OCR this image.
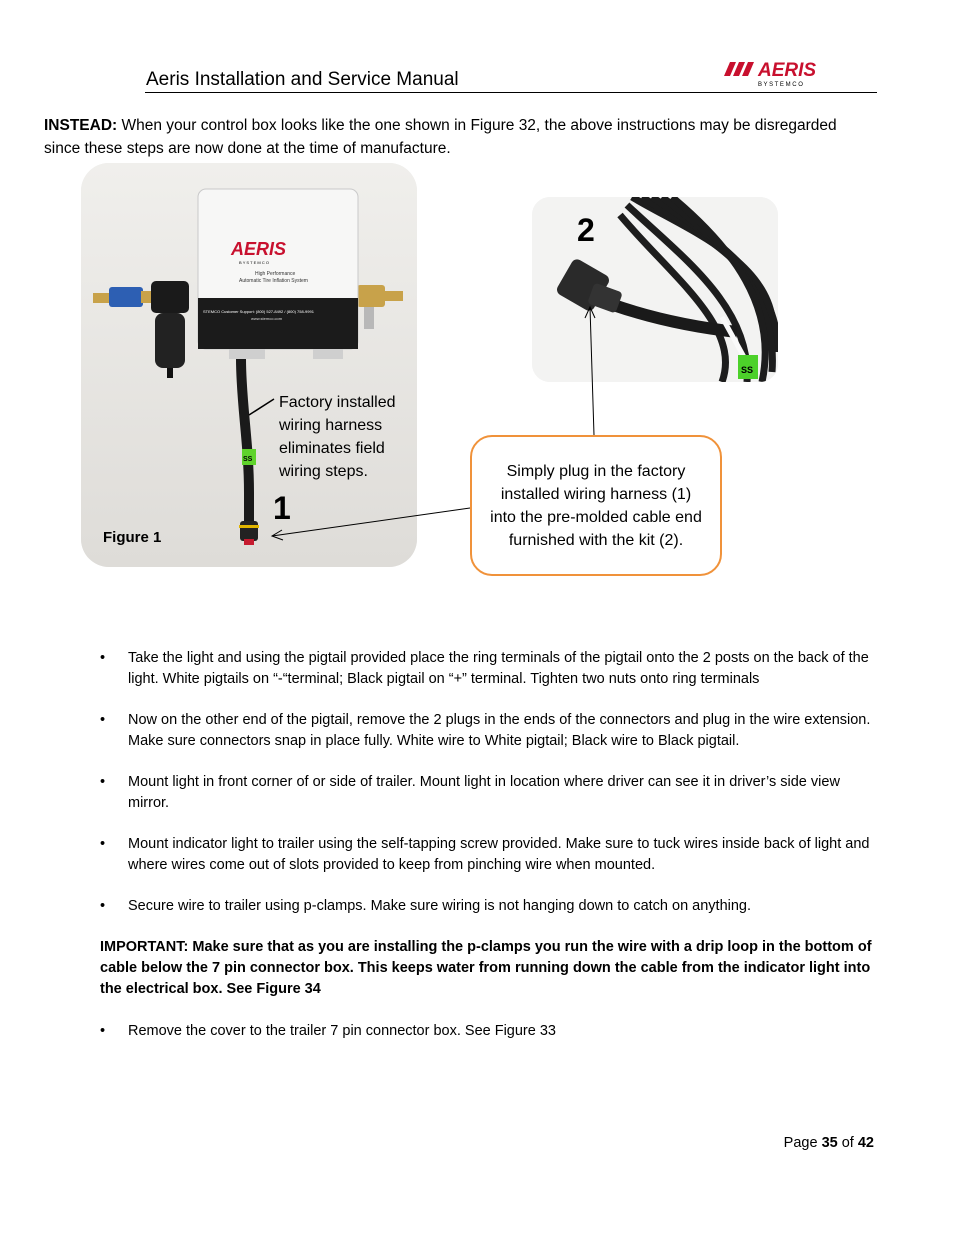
Aeris Installation and Service Manual	AERIS
B Y S T E M C O
INSTEAD: When your control box looks like the one shown in Figure 32, the above instructions may be disregarded since these steps are now done at the time of manufacture.
AERIS
B Y S T E M C O
High Performance
Automatic Tire Inflation System
STEMCO Customer Support: (800) 527-8492 / (800) 758-9991
www.stemco.com
SS
Factory installed wiring harness eliminates field wiring steps.
Figure 1
1
SS
2
Simply plug in the factory installed wiring harness (1) into the pre-molded cable end furnished with the kit (2).
• Take the light and using the pigtail provided place the ring terminals of the pigtail onto the 2 posts on the back of the light. White pigtails on “-“terminal; Black pigtail on “+” terminal. Tighten two nuts onto ring terminals
• Now on the other end of the pigtail, remove the 2 plugs in the ends of the connectors and plug in the wire extension. Make sure connectors snap in place fully. White wire to White pigtail; Black wire to Black pigtail.
• Mount light in front corner of or side of trailer. Mount light in location where driver can see it in driver’s side view mirror.
• Mount indicator light to trailer using the self-tapping screw provided. Make sure to tuck wires inside back of light and where wires come out of slots provided to keep from pinching wire when mounted.
• Secure wire to trailer using p-clamps. Make sure wiring is not hanging down to catch on anything.
IMPORTANT: Make sure that as you are installing the p-clamps you run the wire with a drip loop in the bottom of cable below the 7 pin connector box. This keeps water from running down the cable from the indicator light into the electrical box. See Figure 34
• Remove the cover to the trailer 7 pin connector box. See Figure 33
Page 35 of 42
